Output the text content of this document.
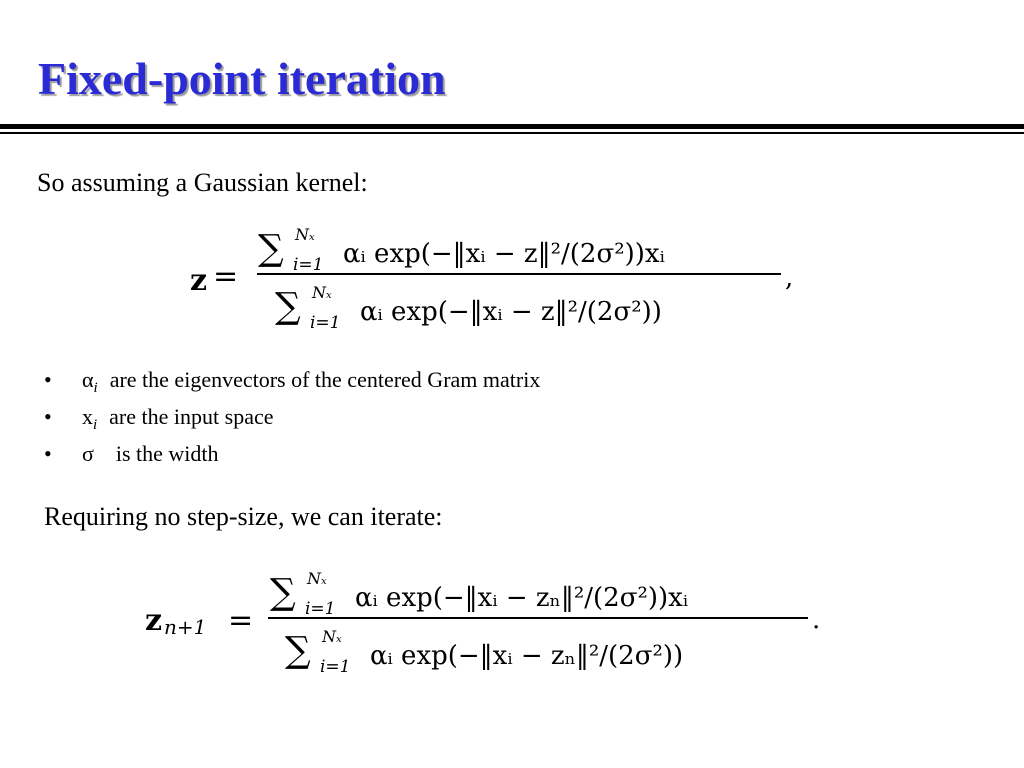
Fixed-point iteration

So assuming a Gaussian kernel:

z =
∑ Nₓ
i=1 αᵢ exp(−‖xᵢ − z‖²/(2σ²))xᵢ
∑ Nₓ
i=1 αᵢ exp(−‖xᵢ − z‖²/(2σ²))
,
• $\alpha_i$ are the eigenvectors of the centered Gram matrix
• $x_i$ are the input space
• σ is the width

Requiring no step-size, we can iterate:

z n+1 =
∑ Nₓ
i=1 αᵢ exp(−‖xᵢ − zₙ‖²/(2σ²))xᵢ
∑ Nₓ
i=1 αᵢ exp(−‖xᵢ − zₙ‖²/(2σ²))
.
